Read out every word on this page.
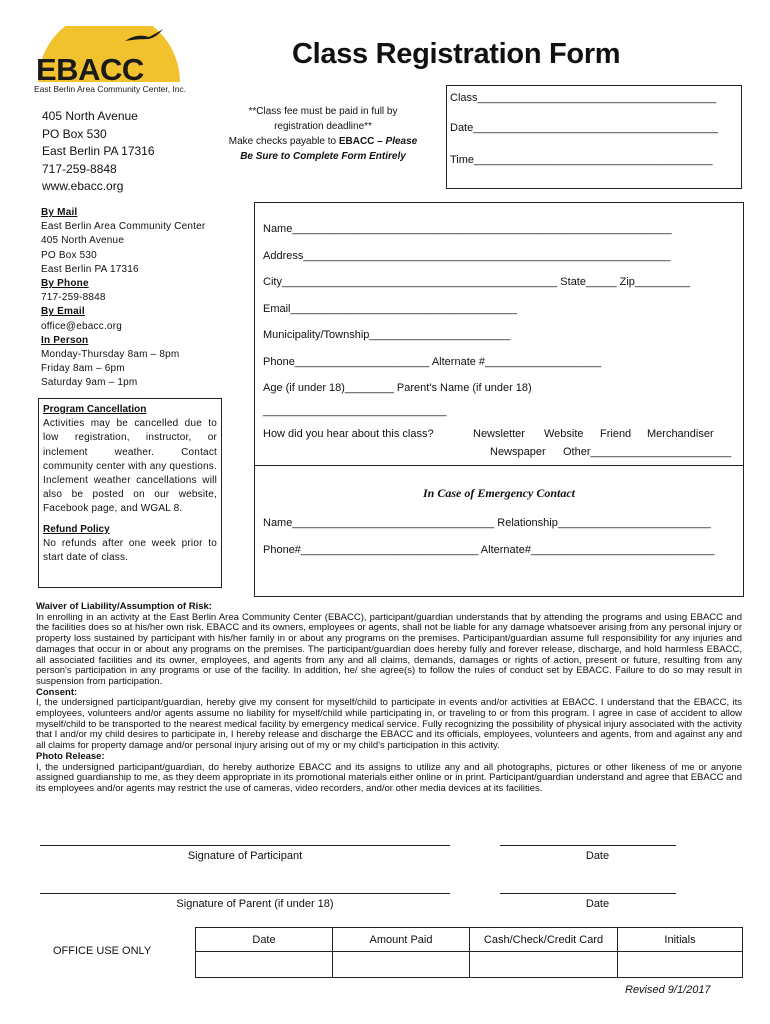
EBACC
East Berlin Area Community Center, Inc.
Class Registration Form
405 North Avenue
PO Box 530
East Berlin PA 17316
717-259-8848
www.ebacc.org
**Class fee must be paid in full by
registration deadline**
Make checks payable to EBACC – Please
Be Sure to Complete Form Entirely
Class_______________________________________
Date________________________________________
Time_______________________________________
By Mail
East Berlin Area Community Center
405 North Avenue
PO Box 530
East Berlin PA 17316
By Phone
717-259-8848
By Email
office@ebacc.org
In Person
Monday-Thursday 8am – 8pm
Friday 8am – 6pm
Saturday 9am – 1pm
Program Cancellation
Activities may be cancelled due to low registration, instructor, or inclement weather. Contact community center with any questions. Inclement weather cancellations will also be posted on our website, Facebook page, and WGAL 8.
Refund Policy
No refunds after one week prior to start date of class.
Name______________________________________________________________
Address____________________________________________________________
City_____________________________________________ State_____ Zip_________
Email_____________________________________
Municipality/Township_______________________
Phone______________________ Alternate #___________________
Age (if under 18)________ Parent's Name (if under 18)
______________________________
How did you hear about this class?	Newsletter Website Friend Merchandiser
Newspaper Other_______________________
In Case of Emergency Contact
Name_________________________________ Relationship_________________________
Phone#_____________________________ Alternate#______________________________

Waiver of Liability/Assumption of Risk:

In enrolling in an activity at the East Berlin Area Community Center (EBACC), participant/guardian understands that by attending the programs and using EBACC and the facilities does so at his/her own risk. EBACC and its owners, employees or agents, shall not be liable for any damage whatsoever arising from any personal injury or property loss sustained by participant with his/her family in or about any programs on the premises. Participant/guardian assume full responsibility for any injuries and damages that occur in or about any programs on the premises. The participant/guardian does hereby fully and forever release, discharge, and hold harmless EBACC, all associated facilities and its owner, employees, and agents from any and all claims, demands, damages or rights of action, present or future, resulting from any person's participation in any programs or use of the facility. In addition, he/ she agree(s) to follow the rules of conduct set by EBACC. Failure to do so may result in suspension from participation.

Consent:

I, the undersigned participant/guardian, hereby give my consent for myself/child to participate in events and/or activities at EBACC. I understand that the EBACC, its employees, volunteers and/or agents assume no liability for myself/child while participating in, or traveling to or from this program. I agree in case of accident to allow myself/child to be transported to the nearest medical facility by emergency medical service. Fully recognizing the possibility of physical injury associated with the activity that I and/or my child desires to participate in, I hereby release and discharge the EBACC and its officials, employees, volunteers and agents, from and against any and all claims for property damage and/or personal injury arising out of my or my child's participation in this activity.

Photo Release:

I, the undersigned participant/guardian, do hereby authorize EBACC and its assigns to utilize any and all photographs, pictures or other likeness of me or anyone assigned guardianship to me, as they deem appropriate in its promotional materials either online or in print. Participant/guardian understand and agree that EBACC and its employees and/or agents may restrict the use of cameras, video recorders, and/or other media devices at its facilities.

Signature of Participant	Date
Signature of Parent (if under 18)	Date
OFFICE USE ONLY
Date	Amount Paid	Cash/Check/Credit Card	Initials

Revised 9/1/2017
